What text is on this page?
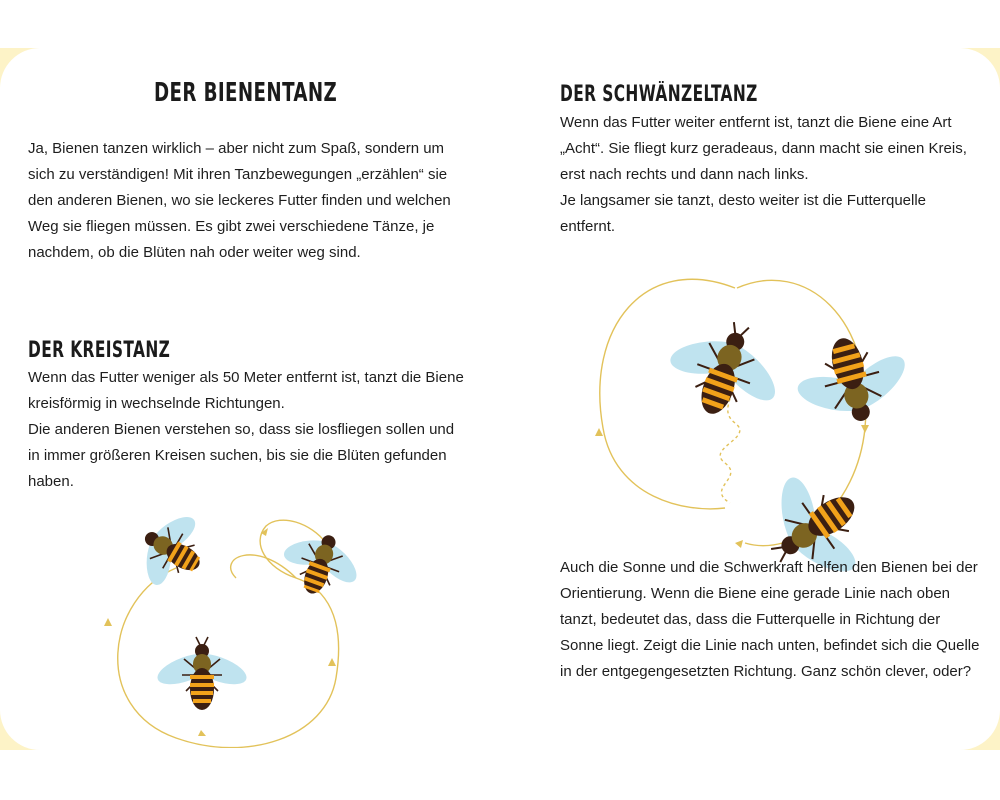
DER BIENENTANZ

Ja, Bienen tanzen wirklich – aber nicht zum Spaß, sondern um sich zu verständigen! Mit ihren Tanzbewegungen „erzählen“ sie den anderen Bienen, wo sie leckeres Futter finden und welchen Weg sie fliegen müssen. Es gibt zwei verschiedene Tänze, je nachdem, ob die Blüten nah oder weiter weg sind.

DER KREISTANZ

Wenn das Futter weniger als 50 Meter entfernt ist, tanzt die Biene kreisförmig in wechselnde Richtungen.

Die anderen Bienen verstehen so, dass sie losfliegen sollen und in immer größeren Kreisen suchen, bis sie die Blüten gefunden haben.

DER SCHWÄNZELTANZ

Wenn das Futter weiter entfernt ist, tanzt die Biene eine Art „Acht“. Sie fliegt kurz geradeaus, dann macht sie einen Kreis, erst nach rechts und dann nach links.

Je langsamer sie tanzt, desto weiter ist die Futterquelle entfernt.

Auch die Sonne und die Schwerkraft helfen den Bienen bei der Orientierung. Wenn die Biene eine gerade Linie nach oben tanzt, bedeutet das, dass die Futterquelle in Richtung der Sonne liegt. Zeigt die Linie nach unten, befindet sich die Quelle in der entgegengesetzten Richtung. Ganz schön clever, oder?
